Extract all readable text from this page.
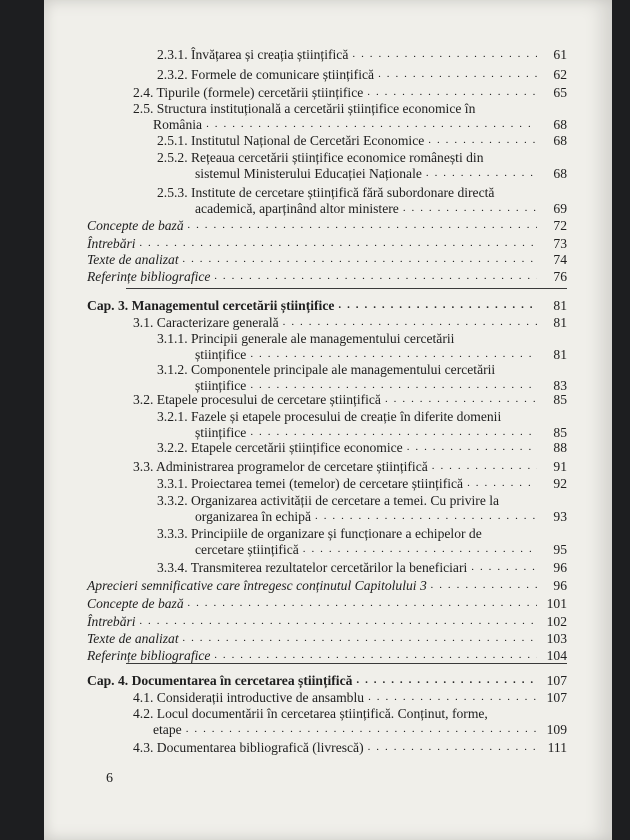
2.3.1. Învățarea și creația științifică . . .	61
2.3.2. Formele de comunicare științifică . . .	62
2.4. Tipurile (formele) cercetării științifice . . .	65
2.5. Structura instituțională a cercetării științifice economice în
România . . .	68
2.5.1. Institutul Național de Cercetări Economice . . .	68
2.5.2. Rețeaua cercetării științifice economice românești din
sistemul Ministerului Educației Naționale . . .	68
2.5.3. Institute de cercetare științifică fără subordonare directă
academică, aparținând altor ministere . . .	69
Concepte de bază . . .	72
Întrebări . . .	73
Texte de analizat . . .	74
Referințe bibliografice . . .	76
Cap. 3. Managementul cercetării științifice . . .	81
3.1. Caracterizare generală . . .	81
3.1.1. Principii generale ale managementului cercetării
științifice . . .	81
3.1.2. Componentele principale ale managementului cercetării
științifice . . .	83
3.2. Etapele procesului de cercetare științifică . . .	85
3.2.1. Fazele și etapele procesului de creație în diferite domenii
științifice . . .	85
3.2.2. Etapele cercetării științifice economice . . .	88
3.3. Administrarea programelor de cercetare științifică . . .	91
3.3.1. Proiectarea temei (temelor) de cercetare științifică . . .	92
3.3.2. Organizarea activității de cercetare a temei. Cu privire la
organizarea în echipă . . .	93
3.3.3. Principiile de organizare și funcționare a echipelor de
cercetare științifică . . .	95
3.3.4. Transmiterea rezultatelor cercetărilor la beneficiari . . .	96
Aprecieri semnificative care întregesc conținutul Capitolului 3 . . .	96
Concepte de bază . . .	101
Întrebări . . .	102
Texte de analizat . . .	103
Referințe bibliografice . . .	104
Cap. 4. Documentarea în cercetarea științifică . . .	107
4.1. Considerații introductive de ansamblu . . .	107
4.2. Locul documentării în cercetarea științifică. Conținut, forme,
etape . . .	109
4.3. Documentarea bibliografică (livrescă) . . .	111
6
